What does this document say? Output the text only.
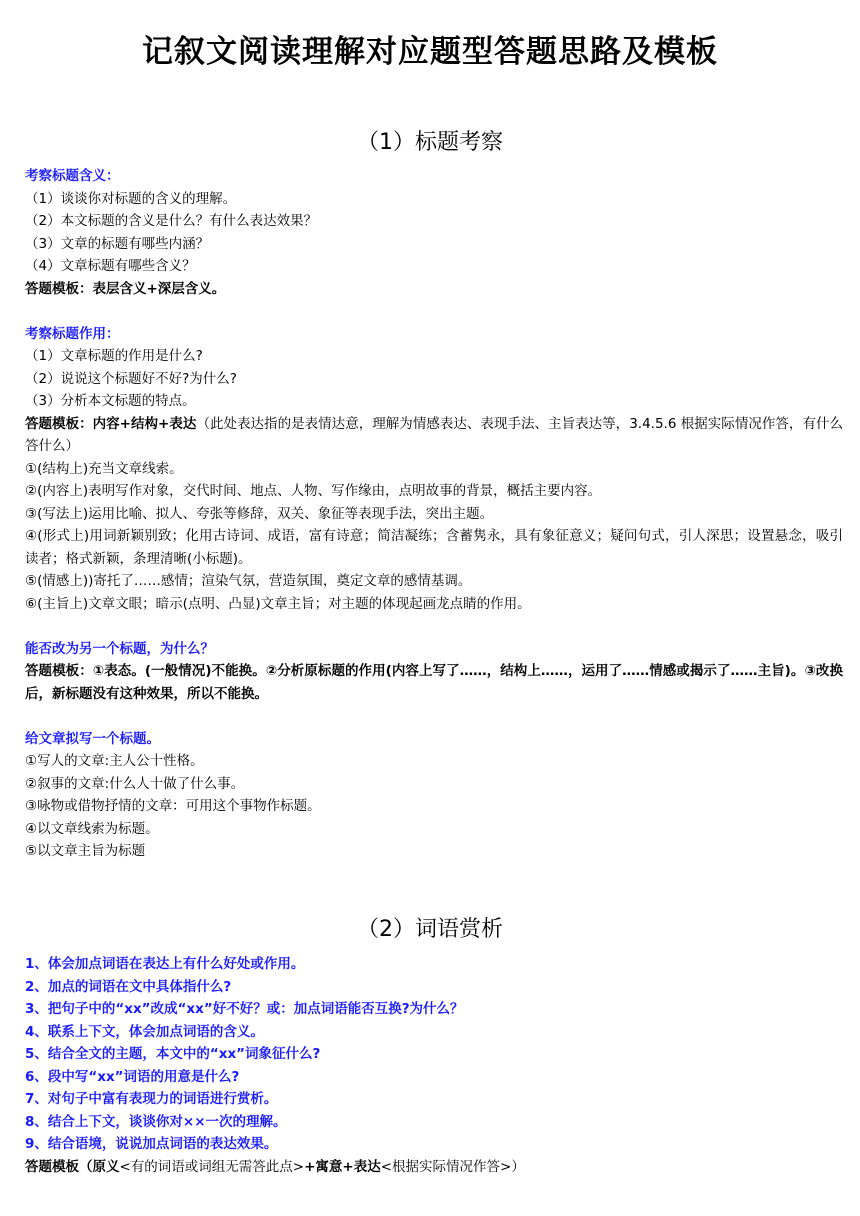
记叙文阅读理解对应题型答题思路及模板
（1）标题考察
考察标题含义：
（1）谈谈你对标题的含义的理解。
（2）本文标题的含义是什么？有什么表达效果？
（3）文章的标题有哪些内涵？
（4）文章标题有哪些含义？
答题模板：表层含义+深层含义。
考察标题作用：
（1）文章标题的作用是什么?
（2）说说这个标题好不好?为什么?
（3）分析本文标题的特点。
答题模板：内容+结构+表达（此处表达指的是表情达意，理解为情感表达、表现手法、主旨表达等，3.4.5.6 根据实际情况作答，有什么答什么）
①(结构上)充当文章线索。
②(内容上)表明写作对象，交代时间、地点、人物、写作缘由，点明故事的背景，概括主要内容。
③(写法上)运用比喻、拟人、夸张等修辞，双关、象征等表现手法，突出主题。
④(形式上)用词新颖别致；化用古诗词、成语，富有诗意；简洁凝练；含蓄隽永，具有象征意义；疑问句式，引人深思；设置悬念，吸引读者；格式新颖，条理清晰(小标题)。
⑤(情感上))寄托了……感情；渲染气氛，营造氛围，奠定文章的感情基调。
⑥(主旨上)文章文眼；暗示(点明、凸显)文章主旨；对主题的体现起画龙点睛的作用。
能否改为另一个标题，为什么？
答题模板：①表态。(一般情况)不能换。②分析原标题的作用(内容上写了……，结构上……，运用了……情感或揭示了……主旨)。③改换后，新标题没有这种效果，所以不能换。
给文章拟写一个标题。
①写人的文章:主人公十性格。
②叙事的文章:什么人十做了什么事。
③咏物或借物抒情的文章：可用这个事物作标题。
④以文章线索为标题。
⑤以文章主旨为标题
（2）词语赏析
1、体会加点词语在表达上有什么好处或作用。
2、加点的词语在文中具体指什么?
3、把句子中的“xx”改成“xx”好不好？或：加点词语能否互换?为什么？
4、联系上下文，体会加点词语的含义。
5、结合全文的主题，本文中的“xx”词象征什么?
6、段中写“xx”词语的用意是什么?
7、对句子中富有表现力的词语进行赏析。
8、结合上下文，谈谈你对××一次的理解。
9、结合语境，说说加点词语的表达效果。
答题模板（原义<有的词语或词组无需答此点>+寓意+表达<根据实际情况作答>）
